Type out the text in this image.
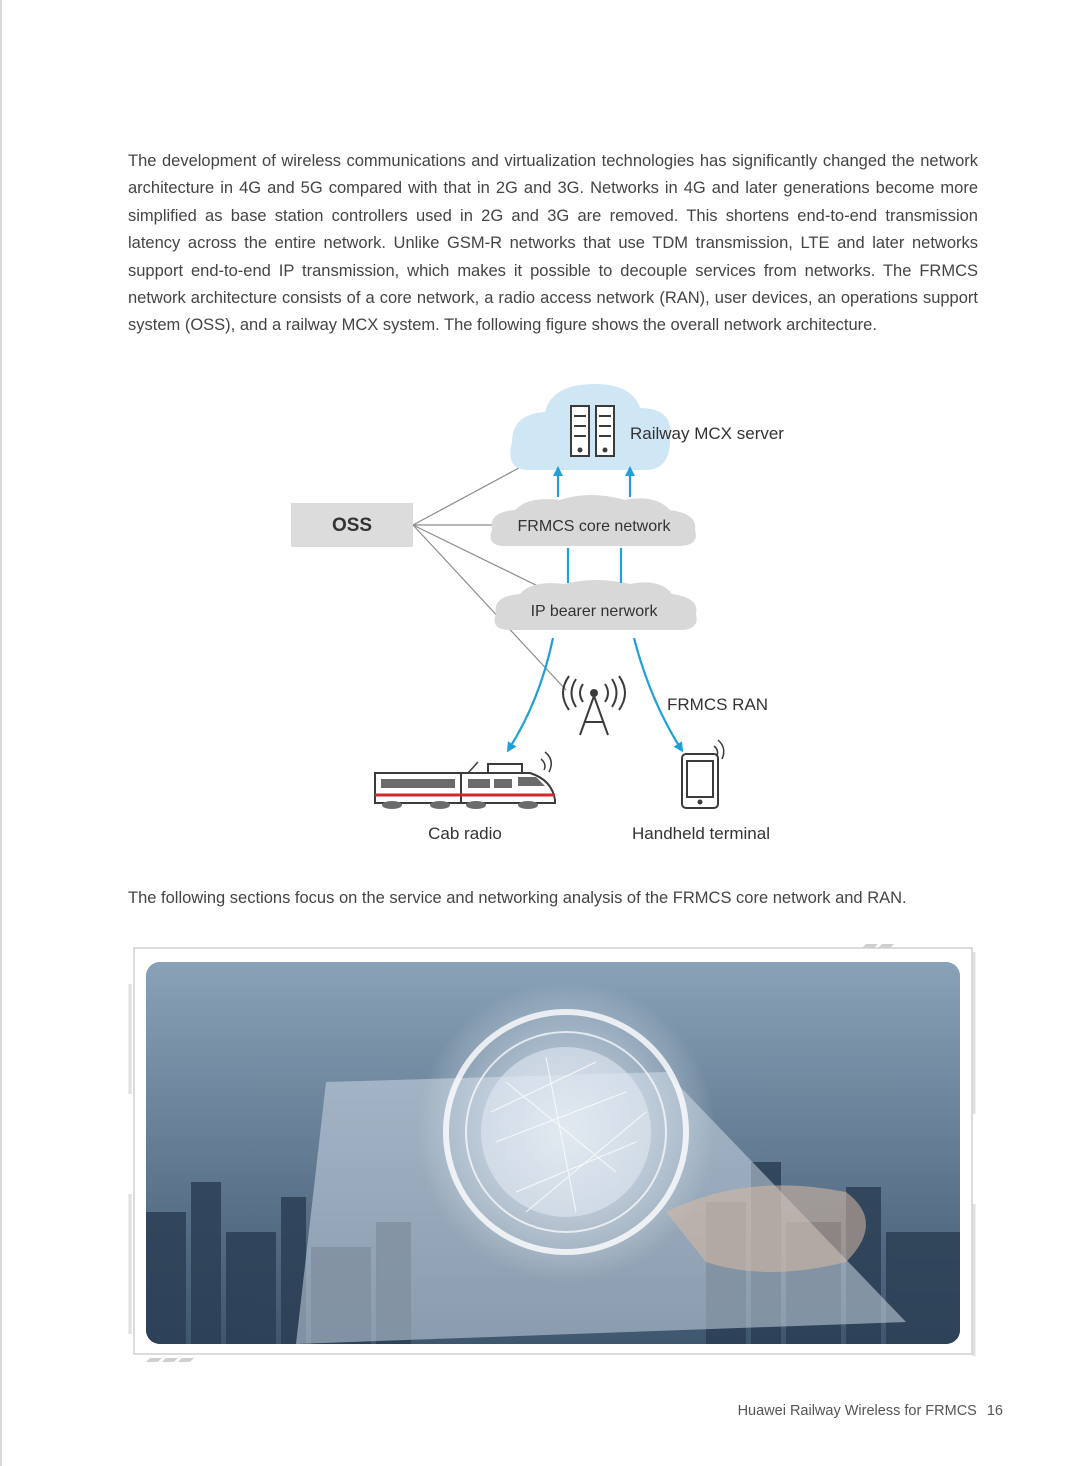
The development of wireless communications and virtualization technologies has significantly changed the network architecture in 4G and 5G compared with that in 2G and 3G. Networks in 4G and later generations become more simplified as base station controllers used in 2G and 3G are removed. This shortens end-to-end transmission latency across the entire network. Unlike GSM-R networks that use TDM transmission, LTE and later networks support end-to-end IP transmission, which makes it possible to decouple services from networks. The FRMCS network architecture consists of a core network, a radio access network (RAN), user devices, an operations support system (OSS), and a railway MCX system. The following figure shows the overall network architecture.

Railway MCX server
OSS	FRMCS core network
IP bearer nerwork
FRMCS RAN
Cab radio	Handheld terminal

The following sections focus on the service and networking analysis of the FRMCS core network and RAN.

Huawei Railway Wireless for FRMCS 16
